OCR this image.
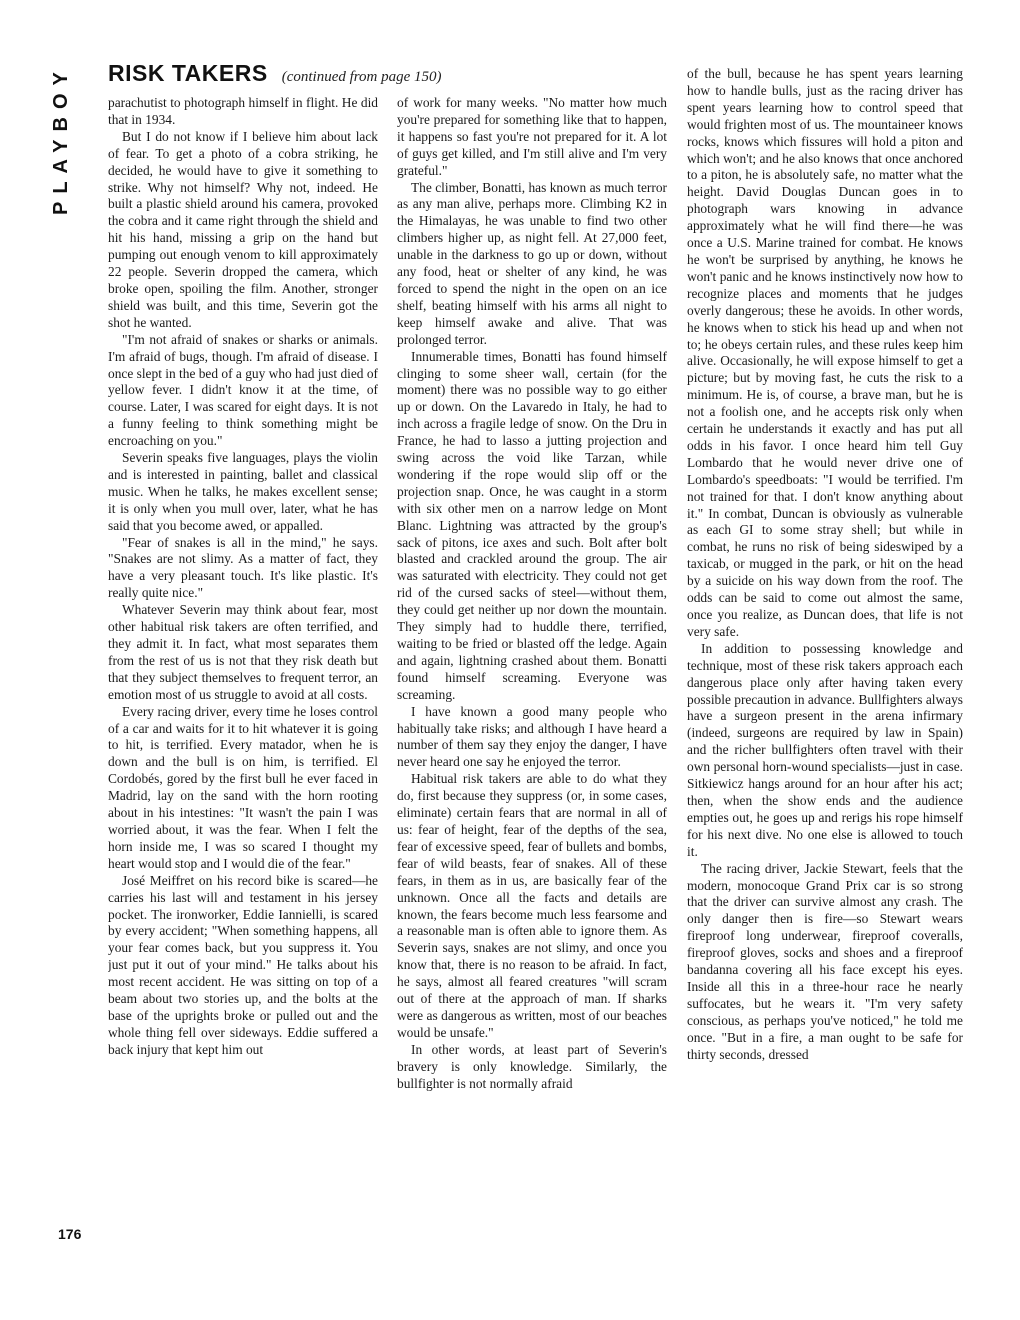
PLAYBOY RISK TAKERS (continued from page 150)

parachutist to photograph himself in flight. He did that in 1934.

But I do not know if I believe him about lack of fear. To get a photo of a cobra striking, he decided, he would have to give it something to strike. Why not himself? Why not, indeed. He built a plastic shield around his camera, provoked the cobra and it came right through the shield and hit his hand, missing a grip on the hand but pumping out enough venom to kill approximately 22 people. Severin dropped the camera, which broke open, spoiling the film. Another, stronger shield was built, and this time, Severin got the shot he wanted.

"I'm not afraid of snakes or sharks or animals. I'm afraid of bugs, though. I'm afraid of disease. I once slept in the bed of a guy who had just died of yellow fever. I didn't know it at the time, of course. Later, I was scared for eight days. It is not a funny feeling to think something might be encroaching on you."

Severin speaks five languages, plays the violin and is interested in painting, ballet and classical music. When he talks, he makes excellent sense; it is only when you mull over, later, what he has said that you become awed, or appalled.

"Fear of snakes is all in the mind," he says. "Snakes are not slimy. As a matter of fact, they have a very pleasant touch. It's like plastic. It's really quite nice."

Whatever Severin may think about fear, most other habitual risk takers are often terrified, and they admit it. In fact, what most separates them from the rest of us is not that they risk death but that they subject themselves to frequent terror, an emotion most of us struggle to avoid at all costs.

Every racing driver, every time he loses control of a car and waits for it to hit whatever it is going to hit, is terrified. Every matador, when he is down and the bull is on him, is terrified. El Cordobés, gored by the first bull he ever faced in Madrid, lay on the sand with the horn rooting about in his intestines: "It wasn't the pain I was worried about, it was the fear. When I felt the horn inside me, I was so scared I thought my heart would stop and I would die of the fear."

José Meiffret on his record bike is scared—he carries his last will and testament in his jersey pocket. The ironworker, Eddie Iannielli, is scared by every accident; "When something happens, all your fear comes back, but you suppress it. You just put it out of your mind." He talks about his most recent accident. He was sitting on top of a beam about two stories up, and the bolts at the base of the uprights broke or pulled out and the whole thing fell over sideways. Eddie suffered a back injury that kept him out

of work for many weeks. "No matter how much you're prepared for something like that to happen, it happens so fast you're not prepared for it. A lot of guys get killed, and I'm still alive and I'm very grateful."

The climber, Bonatti, has known as much terror as any man alive, perhaps more. Climbing K2 in the Himalayas, he was unable to find two other climbers higher up, as night fell. At 27,000 feet, unable in the darkness to go up or down, without any food, heat or shelter of any kind, he was forced to spend the night in the open on an ice shelf, beating himself with his arms all night to keep himself awake and alive. That was prolonged terror.

Innumerable times, Bonatti has found himself clinging to some sheer wall, certain (for the moment) there was no possible way to go either up or down. On the Lavaredo in Italy, he had to inch across a fragile ledge of snow. On the Dru in France, he had to lasso a jutting projection and swing across the void like Tarzan, while wondering if the rope would slip off or the projection snap. Once, he was caught in a storm with six other men on a narrow ledge on Mont Blanc. Lightning was attracted by the group's sack of pitons, ice axes and such. Bolt after bolt blasted and crackled around the group. The air was saturated with electricity. They could not get rid of the cursed sacks of steel—without them, they could get neither up nor down the mountain. They simply had to huddle there, terrified, waiting to be fried or blasted off the ledge. Again and again, lightning crashed about them. Bonatti found himself screaming. Everyone was screaming.

I have known a good many people who habitually take risks; and although I have heard a number of them say they enjoy the danger, I have never heard one say he enjoyed the terror.

Habitual risk takers are able to do what they do, first because they suppress (or, in some cases, eliminate) certain fears that are normal in all of us: fear of height, fear of the depths of the sea, fear of excessive speed, fear of bullets and bombs, fear of wild beasts, fear of snakes. All of these fears, in them as in us, are basically fear of the unknown. Once all the facts and details are known, the fears become much less fearsome and a reasonable man is often able to ignore them. As Severin says, snakes are not slimy, and once you know that, there is no reason to be afraid. In fact, he says, almost all feared creatures "will scram out of there at the approach of man. If sharks were as dangerous as written, most of our beaches would be unsafe."

In other words, at least part of Severin's bravery is only knowledge. Similarly, the bullfighter is not normally afraid

of the bull, because he has spent years learning how to handle bulls, just as the racing driver has spent years learning how to control speed that would frighten most of us. The mountaineer knows rocks, knows which fissures will hold a piton and which won't; and he also knows that once anchored to a piton, he is absolutely safe, no matter what the height. David Douglas Duncan goes in to photograph wars knowing in advance approximately what he will find there—he was once a U.S. Marine trained for combat. He knows he won't be surprised by anything, he knows he won't panic and he knows instinctively now how to recognize places and moments that he judges overly dangerous; these he avoids. In other words, he knows when to stick his head up and when not to; he obeys certain rules, and these rules keep him alive. Occasionally, he will expose himself to get a picture; but by moving fast, he cuts the risk to a minimum. He is, of course, a brave man, but he is not a foolish one, and he accepts risk only when certain he understands it exactly and has put all odds in his favor. I once heard him tell Guy Lombardo that he would never drive one of Lombardo's speedboats: "I would be terrified. I'm not trained for that. I don't know anything about it." In combat, Duncan is obviously as vulnerable as each GI to some stray shell; but while in combat, he runs no risk of being sideswiped by a taxicab, or mugged in the park, or hit on the head by a suicide on his way down from the roof. The odds can be said to come out almost the same, once you realize, as Duncan does, that life is not very safe.

In addition to possessing knowledge and technique, most of these risk takers approach each dangerous place only after having taken every possible precaution in advance. Bullfighters always have a surgeon present in the arena infirmary (indeed, surgeons are required by law in Spain) and the richer bullfighters often travel with their own personal horn-wound specialists—just in case. Sitkiewicz hangs around for an hour after his act; then, when the show ends and the audience empties out, he goes up and rerigs his rope himself for his next dive. No one else is allowed to touch it.

The racing driver, Jackie Stewart, feels that the modern, monocoque Grand Prix car is so strong that the driver can survive almost any crash. The only danger then is fire—so Stewart wears fireproof long underwear, fireproof coveralls, fireproof gloves, socks and shoes and a fireproof bandanna covering all his face except his eyes. Inside all this in a three-hour race he nearly suffocates, but he wears it. "I'm very safety conscious, as perhaps you've noticed," he told me once. "But in a fire, a man ought to be safe for thirty seconds, dressed

176
